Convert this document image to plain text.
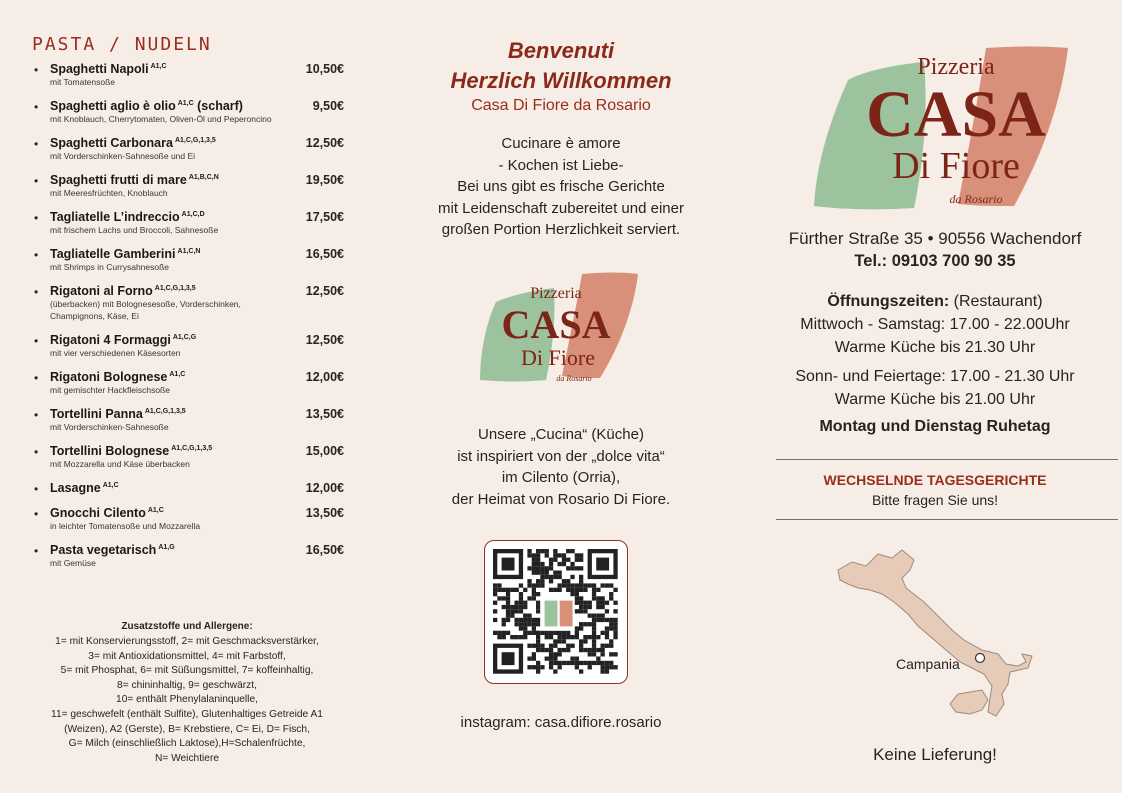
PASTA / NUDELN
• Spaghetti Napoli $^{A1,C}$	10,50€
mit Tomatensoße
• Spaghetti aglio è olio $^{A1,C}$ (scharf)	9,50€
mit Knoblauch, Cherrytomaten, Oliven-Öl und Peperoncino
• Spaghetti Carbonara $^{A1,C,G,1,3,5}$	12,50€
mit Vorderschinken-Sahnesoße und Ei
• Spaghetti frutti di mare $^{A1,B,C,N}$	19,50€
mit Meeresfrüchten, Knoblauch
• Tagliatelle L’indreccio $^{A1,C,D}$	17,50€
mit frischem Lachs und Broccoli, Sahnesoße
• Tagliatelle Gamberini $^{A1,C,N}$	16,50€
mit Shrimps in Currysahnesoße
• Rigatoni al Forno $^{A1,C,G,1,3,5}$	12,50€
(überbacken) mit Bolognesesoße, Vorderschinken,
Champignons, Käse, Ei
• Rigatoni 4 Formaggi $^{A1,C,G}$	12,50€
mit vier verschiedenen Käsesorten
• Rigatoni Bolognese $^{A1,C}$	12,00€
mit gemischter Hackfleischsoße
• Tortellini Panna $^{A1,C,G,1,3,5}$	13,50€
mit Vorderschinken-Sahnesoße
• Tortellini Bolognese $^{A1,C,G,1,3,5}$	15,00€
mit Mozzarella und Käse überbacken
• Lasagne $^{A1,C}$	12,00€
• Gnocchi Cilento $^{A1,C}$	13,50€
in leichter Tomatensoße und Mozzarella
• Pasta vegetarisch $^{A1,G}$	16,50€
mit Gemüse
Zusatzstoffe und Allergene:
1= mit Konservierungsstoff, 2= mit Geschmacksverstärker,
3= mit Antioxidationsmittel, 4= mit Farbstoff,
5= mit Phosphat, 6= mit Süßungsmittel, 7= koffeinhaltig,
8= chininhaltig, 9= geschwärzt,
10= enthält Phenylalaninquelle,
11= geschwefelt (enthält Sulfite), Glutenhaltiges Getreide A1
(Weizen), A2 (Gerste), B= Krebstiere, C= Ei, D= Fisch,
G= Milch (einschließlich Laktose),H=Schalenfrüchte,
N= Weichtiere
Benvenuti
Herzlich Willkommen
Casa Di Fiore da Rosario
Cucinare è amore
- Kochen ist Liebe-
Bei uns gibt es frische Gerichte
mit Leidenschaft zubereitet und einer
großen Portion Herzlichkeit serviert.
Pizzeria
CASA
Di Fiore
da Rosario
Unsere „Cucina“ (Küche)
ist inspiriert von der „dolce vita“
im Cilento (Orria),
der Heimat von Rosario Di Fiore.
instagram: casa.difiore.rosario
Pizzeria
CASA
Di Fiore
da Rosario
Fürther Straße 35 • 90556 Wachendorf
Tel.: 09103 700 90 35
Öffnungszeiten: (Restaurant)
Mittwoch - Samstag: 17.00 - 22.00Uhr
Warme Küche bis 21.30 Uhr
Sonn- und Feiertage: 17.00 - 21.30 Uhr
Warme Küche bis 21.00 Uhr
Montag und Dienstag Ruhetag
WECHSELNDE TAGESGERICHTE
Bitte fragen Sie uns!
Campania
Keine Lieferung!
